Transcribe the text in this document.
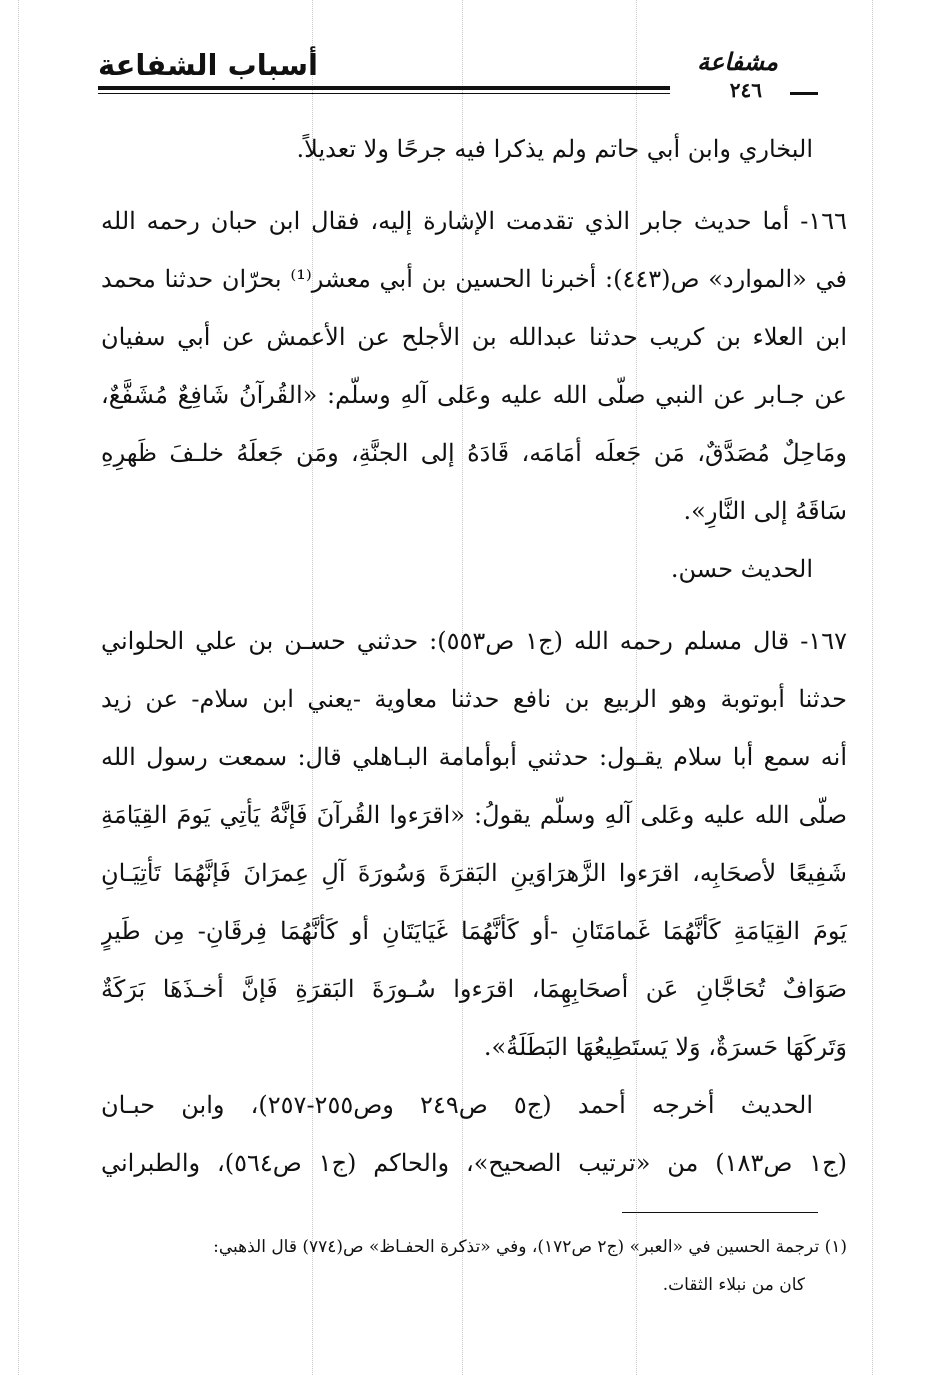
أسباب الشفاعة	مشفاعة
٢٤٦
البخاري وابن أبي حاتم ولم يذكرا فيه جرحًا ولا تعديلاً.
١٦٦- أما حديث جابر الذي تقدمت الإشارة إليه، فقال ابن حبان رحمه الله
في «الموارد» ص(٤٤٣): أخبرنا الحسين بن أبي معشر⁽¹⁾ بحرّان حدثنا محمد
ابن العلاء بن كريب حدثنا عبدالله بن الأجلح عن الأعمش عن أبي سفيان
عن جـابر عن النبي صلّى الله عليه وعَلى آلهِ وسلّم: «القُرآنُ شَافِعٌ مُشَفَّعٌ،
ومَاحِلٌ مُصَدَّقٌ، مَن جَعلَه أمَامَه، قَادَهُ إلى الجنَّةِ، ومَن جَعلَهُ خلـفَ ظَهرِهِ
سَاقَهُ إلى النَّارِ».
الحديث حسن.
١٦٧- قال مسلم رحمه الله (ج١ ص٥٥٣): حدثني حسـن بن علي الحلواني
حدثنا أبوتوبة وهو الربيع بن نافع حدثنا معاوية -يعني ابن سلام- عن زيد
أنه سمع أبا سلام يقـول: حدثني أبوأمامة البـاهلي قال: سمعت رسول الله
صلّى الله عليه وعَلى آلهِ وسلّم يقولُ: «اقرَءوا القُرآنَ فَإنَّهُ يَأتِي يَومَ القِيَامَةِ
شَفِيعًا لأصحَابِه، اقرَءوا الزَّهرَاوَينِ البَقرَةَ وَسُورَةَ آلِ عِمرَانَ فَإنَّهُمَا تَأتِيَـانِ
يَومَ القِيَامَةِ كَأنَّهُمَا غَمامَتَانِ -أو كَأنَّهُمَا غَيَايَتَانِ أو كَأنَّهُمَا فِرقَانِ- مِن طَيرٍ
صَوَافٌ تُحَاجَّانِ عَن أصحَابِهِمَا، اقرَءوا سُـورَةَ البَقرَةِ فَإنَّ أخـذَهَا بَرَكَةٌ
وَتَركَهَا حَسرَةٌ، وَلا يَستَطِيعُهَا البَطَلَةُ».
الحديث أخرجه أحمد (ج٥ ص٢٤٩ وص٢٥٥-٢٥٧)، وابن حبـان
(ج١ ص١٨٣) من «ترتيب الصحيح»، والحاكم (ج١ ص٥٦٤)، والطبراني
(١) ترجمة الحسين في «العبر» (ج٢ ص١٧٢)، وفي «تذكرة الحفـاظ» ص(٧٧٤) قال الذهبي:
كان من نبلاء الثقات.
